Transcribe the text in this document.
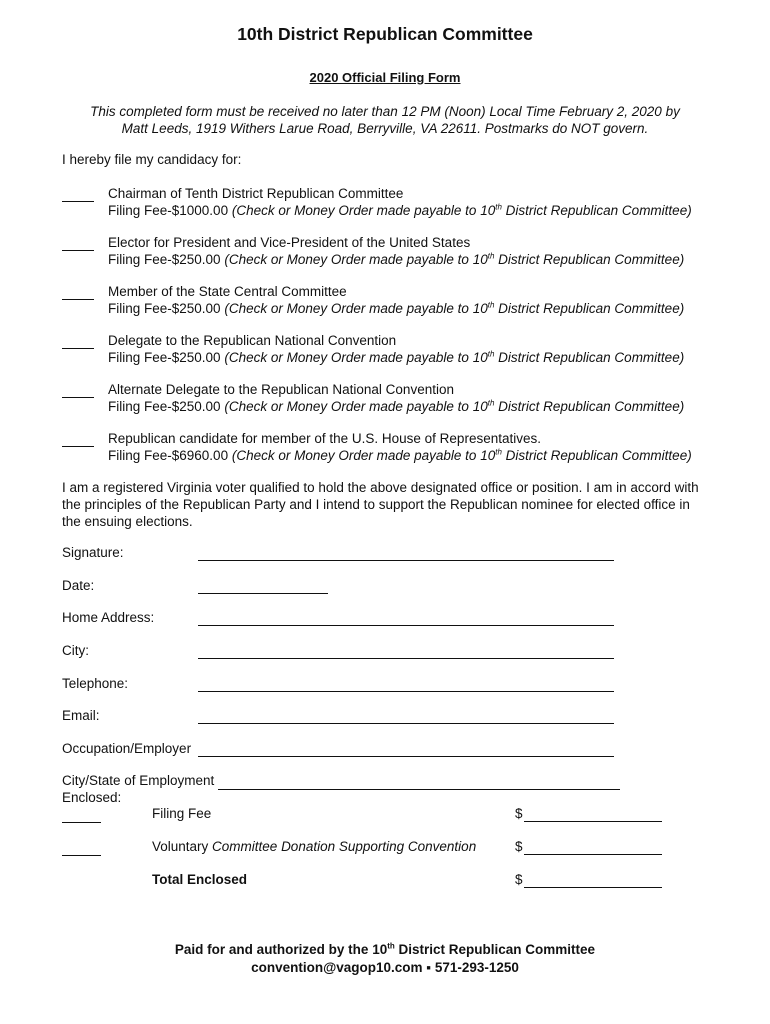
10th District Republican Committee
2020 Official Filing Form
This completed form must be received no later than 12 PM (Noon) Local Time February 2, 2020 by
Matt Leeds, 1919 Withers Larue Road, Berryville, VA 22611. Postmarks do NOT govern.
I hereby file my candidacy for:
Chairman of Tenth District Republican Committee
Filing Fee-$1000.00 (Check or Money Order made payable to 10th District Republican Committee)
Elector for President and Vice-President of the United States
Filing Fee-$250.00 (Check or Money Order made payable to 10th District Republican Committee)
Member of the State Central Committee
Filing Fee-$250.00 (Check or Money Order made payable to 10th District Republican Committee)
Delegate to the Republican National Convention
Filing Fee-$250.00 (Check or Money Order made payable to 10th District Republican Committee)
Alternate Delegate to the Republican National Convention
Filing Fee-$250.00 (Check or Money Order made payable to 10th District Republican Committee)
Republican candidate for member of the U.S. House of Representatives.
Filing Fee-$6960.00 (Check or Money Order made payable to 10th District Republican Committee)
I am a registered Virginia voter qualified to hold the above designated office or position. I am in accord with the principles of the Republican Party and I intend to support the Republican nominee for elected office in the ensuing elections.
Signature:
Date:
Home Address:
City:
Telephone:
Email:
Occupation/Employer
City/State of Employment
Enclosed:
Filing Fee	$
Voluntary Committee Donation Supporting Convention	$
Total Enclosed	$
Paid for and authorized by the 10th District Republican Committee
convention@vagop10.com ▪ 571-293-1250
